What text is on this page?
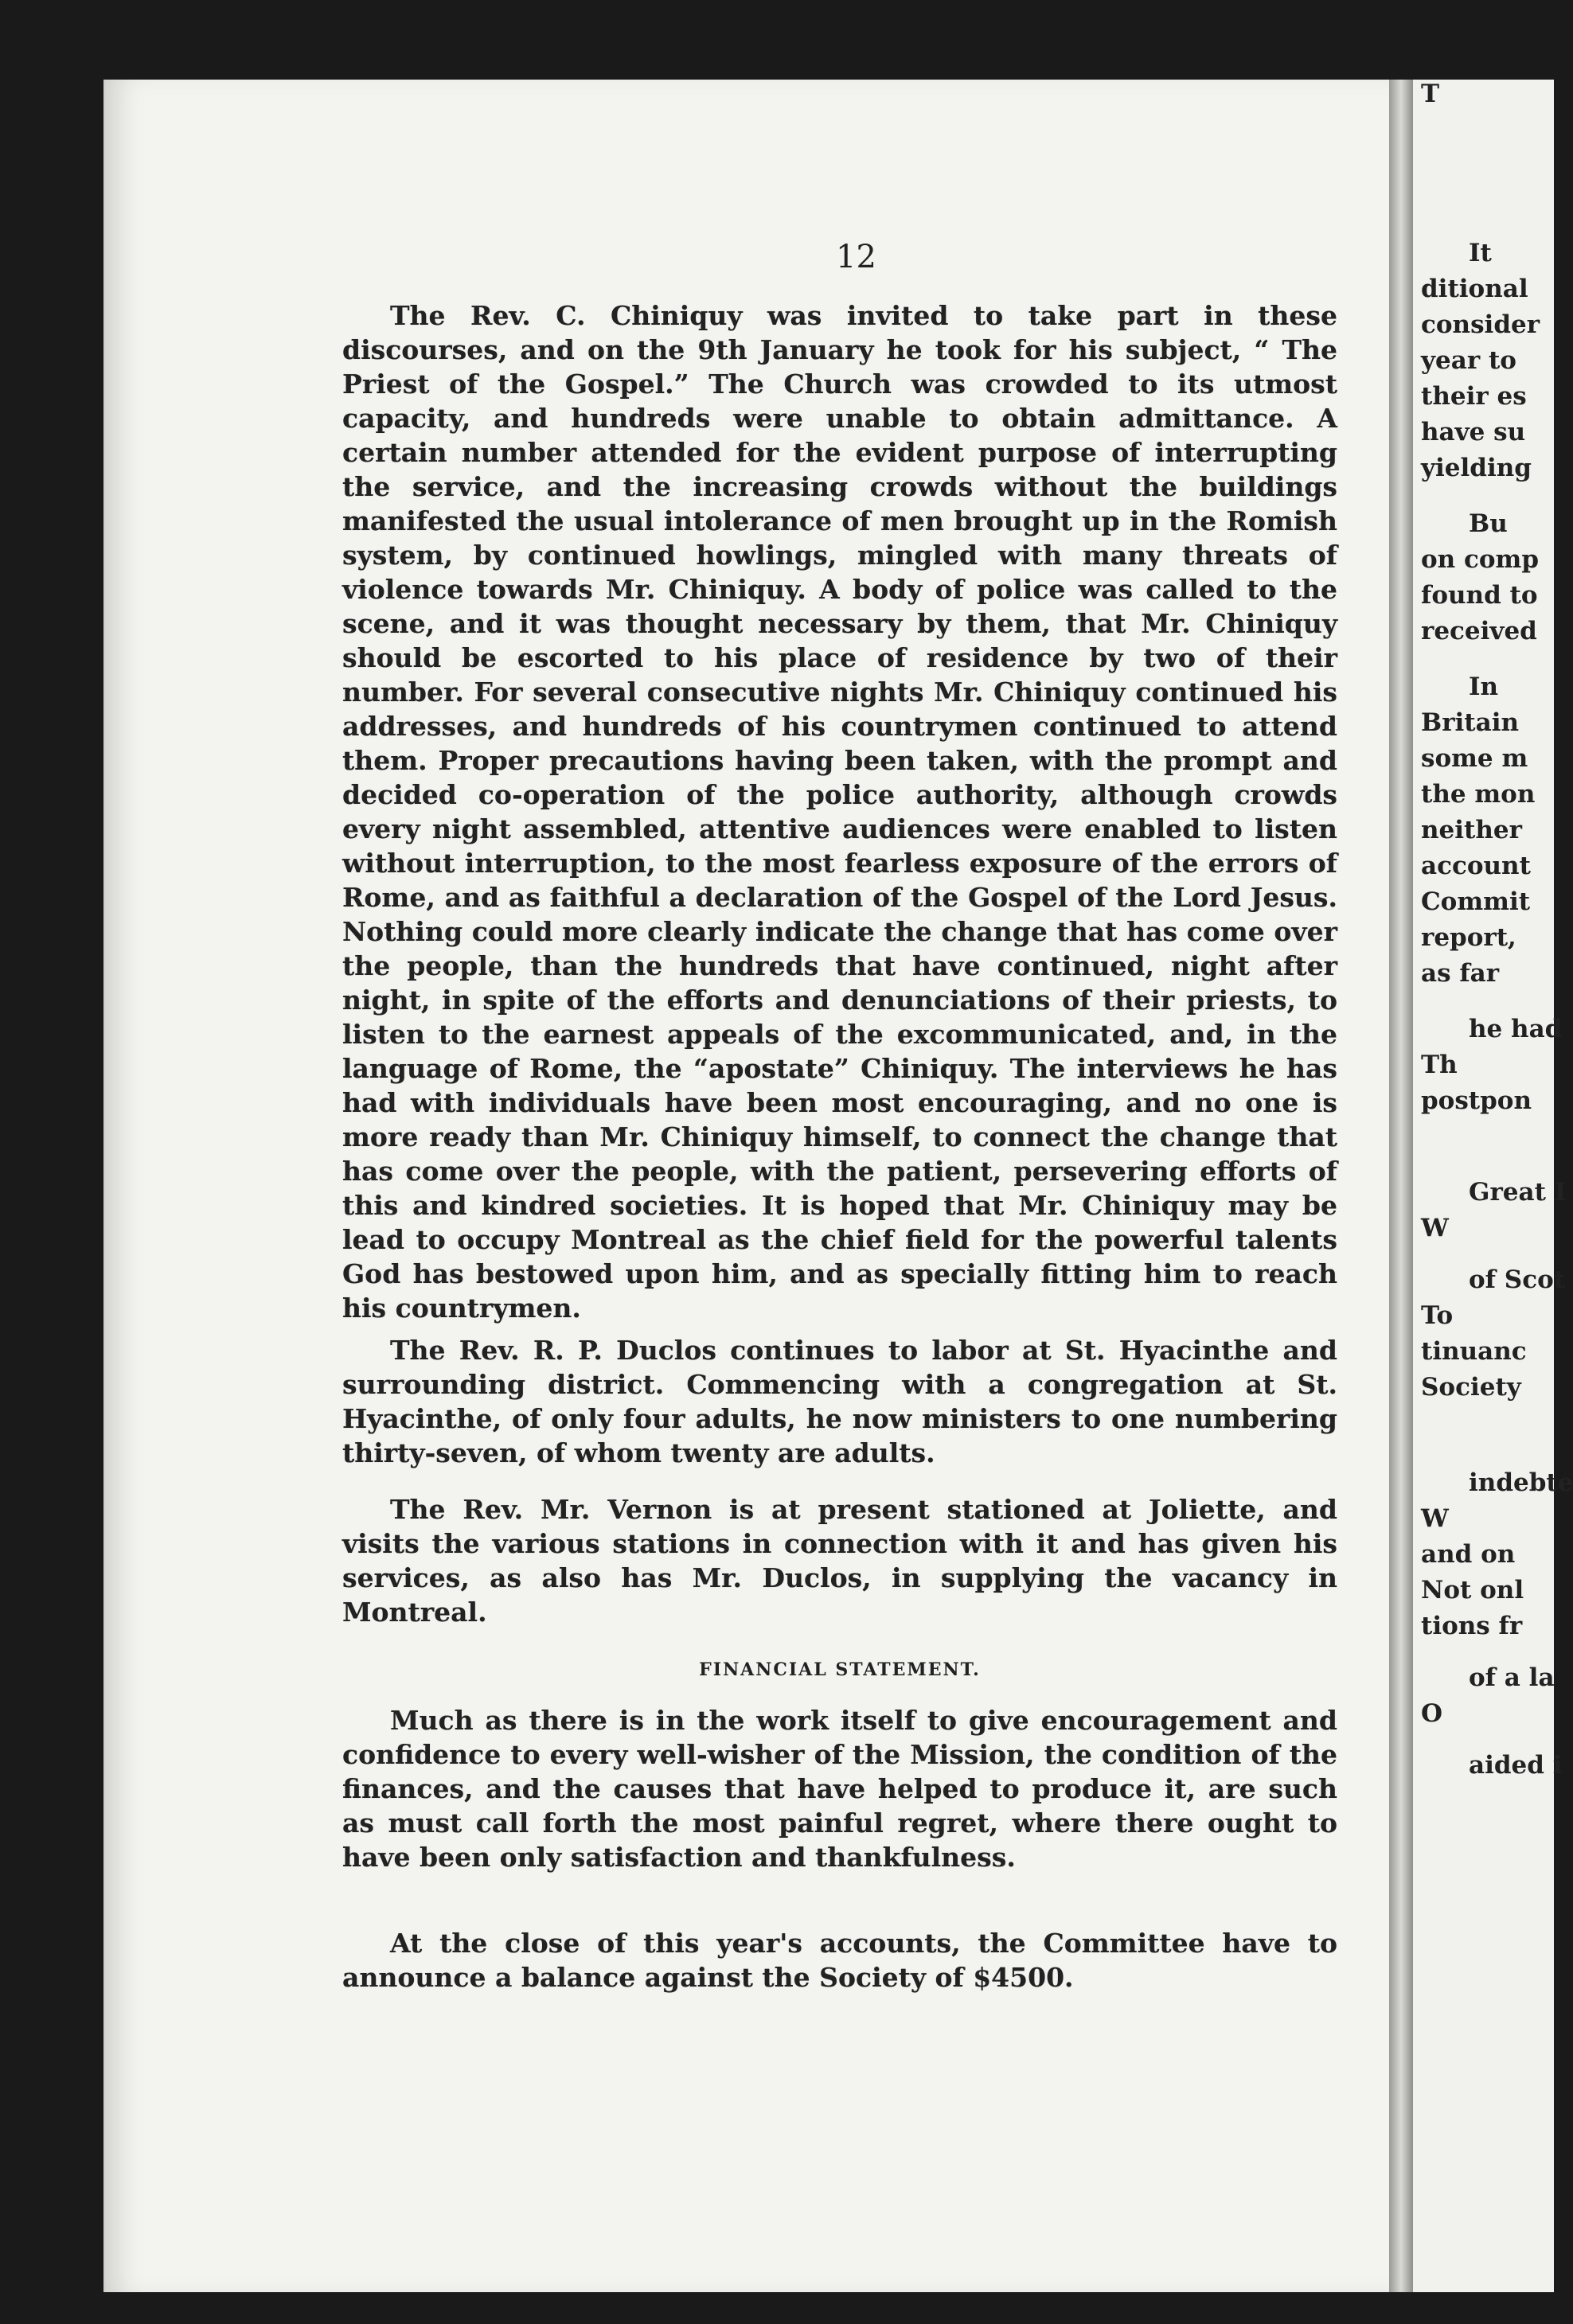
It
ditional
consider
year to
their es
have su
yielding
Bu
on comp
found to
received
In
Britain
some m
the mon
neither
account
Commit
report,
as far
he had
Th
postpon
Great I
W
of Scot
To
tinuanc
Society
indebte
W
and on
Not onl
tions fr
of a la
O
aided i
T
12

The Rev. C. Chiniquy was invited to take part in these discourses, and on the 9th January he took for his subject, “ The Priest of the Gospel.” The Church was crowded to its utmost capacity, and hundreds were unable to obtain admittance. A certain number attended for the evident purpose of interrupting the service, and the increasing crowds without the buildings manifested the usual intolerance of men brought up in the Romish system, by continued howlings, mingled with many threats of violence towards Mr. Chiniquy. A body of police was called to the scene, and it was thought necessary by them, that Mr. Chiniquy should be escorted to his place of residence by two of their number. For several consecutive nights Mr. Chiniquy continued his addresses, and hundreds of his countrymen continued to attend them. Proper precautions having been taken, with the prompt and decided co-operation of the police authority, although crowds every night assembled, attentive audiences were enabled to listen without interruption, to the most fearless exposure of the errors of Rome, and as faithful a declaration of the Gospel of the Lord Jesus. Nothing could more clearly indicate the change that has come over the people, than the hundreds that have continued, night after night, in spite of the efforts and denunciations of their priests, to listen to the earnest appeals of the excommunicated, and, in the language of Rome, the “apostate” Chiniquy. The interviews he has had with individuals have been most encouraging, and no one is more ready than Mr. Chiniquy himself, to connect the change that has come over the people, with the patient, persevering efforts of this and kindred societies. It is hoped that Mr. Chiniquy may be lead to occupy Montreal as the chief field for the powerful talents God has bestowed upon him, and as specially fitting him to reach his countrymen.

The Rev. R. P. Duclos continues to labor at St. Hyacinthe and surrounding district. Commencing with a congregation at St. Hyacinthe, of only four adults, he now ministers to one numbering thirty-seven, of whom twenty are adults.

The Rev. Mr. Vernon is at present stationed at Joliette, and visits the various stations in connection with it and has given his services, as also has Mr. Duclos, in supplying the vacancy in Montreal.

FINANCIAL STATEMENT.

Much as there is in the work itself to give encouragement and confidence to every well-wisher of the Mission, the condition of the finances, and the causes that have helped to produce it, are such as must call forth the most painful regret, where there ought to have been only satisfaction and thankfulness.

At the close of this year's accounts, the Committee have to announce a balance against the Society of $4500.
